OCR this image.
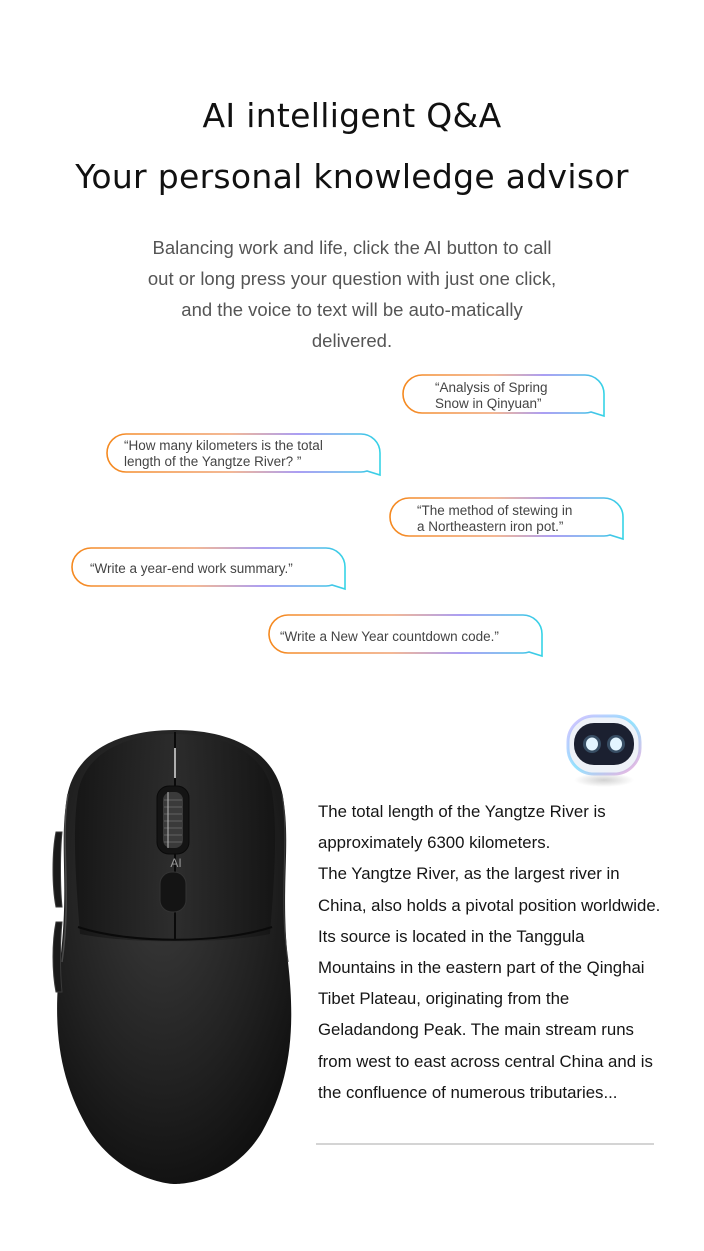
AI intelligent Q&A
Your personal knowledge advisor
Balancing work and life, click the AI button to call out or long press your question with just one click, and the voice to text will be auto-matically delivered.
“Analysis of Spring
Snow in Qinyuan”
“How many kilometers is the total
length of the Yangtze River? ”
“The method of stewing in
a Northeastern iron pot.”
“Write a year-end work summary.”
“Write a New Year countdown code.”
AI

The total length of the Yangtze River is approximately 6300 kilometers.

The Yangtze River, as the largest river in China, also holds a pivotal position worldwide. Its source is located in the Tanggula Mountains in the eastern part of the Qinghai Tibet Plateau, originating from the Geladandong Peak. The main stream runs from west to east across central China and is the confluence of numerous tributaries...
